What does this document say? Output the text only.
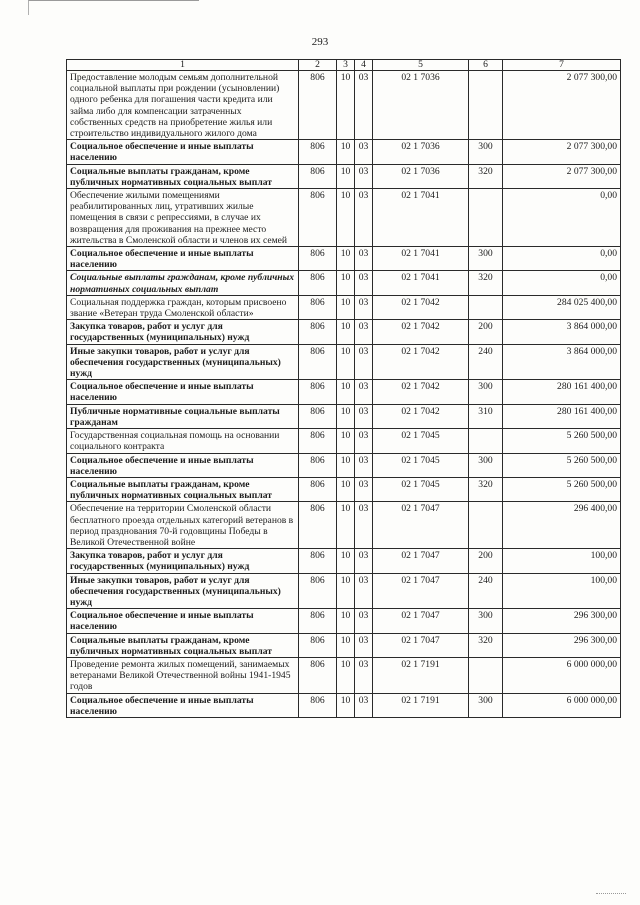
293
1	2	3	4	5	6	7
Предоставление молодым семьям дополнительной социальной выплаты при рождении (усыновлении) одного ребенка для погашения части кредита или займа либо для компенсации затраченных собственных средств на приобретение жилья или строительство индивидуального жилого дома	806	10	03	02 1 7036		2 077 300,00
Социальное обеспечение и иные выплаты населению	806	10	03	02 1 7036	300	2 077 300,00
Социальные выплаты гражданам, кроме публичных нормативных социальных выплат	806	10	03	02 1 7036	320	2 077 300,00
Обеспечение жилыми помещениями реабилитированных лиц, утративших жилые помещения в связи с репрессиями, в случае их возвращения для проживания на прежнее место жительства в Смоленской области и членов их семей	806	10	03	02 1 7041		0,00
Социальное обеспечение и иные выплаты населению	806	10	03	02 1 7041	300	0,00
Социальные выплаты гражданам, кроме публичных нормативных социальных выплат	806	10	03	02 1 7041	320	0,00
Социальная поддержка граждан, которым присвоено звание «Ветеран труда Смоленской области»	806	10	03	02 1 7042		284 025 400,00
Закупка товаров, работ и услуг для государственных (муниципальных) нужд	806	10	03	02 1 7042	200	3 864 000,00
Иные закупки товаров, работ и услуг для обеспечения государственных (муниципальных) нужд	806	10	03	02 1 7042	240	3 864 000,00
Социальное обеспечение и иные выплаты населению	806	10	03	02 1 7042	300	280 161 400,00
Публичные нормативные социальные выплаты гражданам	806	10	03	02 1 7042	310	280 161 400,00
Государственная социальная помощь на основании социального контракта	806	10	03	02 1 7045		5 260 500,00
Социальное обеспечение и иные выплаты населению	806	10	03	02 1 7045	300	5 260 500,00
Социальные выплаты гражданам, кроме публичных нормативных социальных выплат	806	10	03	02 1 7045	320	5 260 500,00
Обеспечение на территории Смоленской области бесплатного проезда отдельных категорий ветеранов в период празднования 70-й годовщины Победы в Великой Отечественной войне	806	10	03	02 1 7047		296 400,00
Закупка товаров, работ и услуг для государственных (муниципальных) нужд	806	10	03	02 1 7047	200	100,00
Иные закупки товаров, работ и услуг для обеспечения государственных (муниципальных) нужд	806	10	03	02 1 7047	240	100,00
Социальное обеспечение и иные выплаты населению	806	10	03	02 1 7047	300	296 300,00
Социальные выплаты гражданам, кроме публичных нормативных социальных выплат	806	10	03	02 1 7047	320	296 300,00
Проведение ремонта жилых помещений, занимаемых ветеранами Великой Отечественной войны 1941-1945 годов	806	10	03	02 1 7191		6 000 000,00
Социальное обеспечение и иные выплаты населению	806	10	03	02 1 7191	300	6 000 000,00
